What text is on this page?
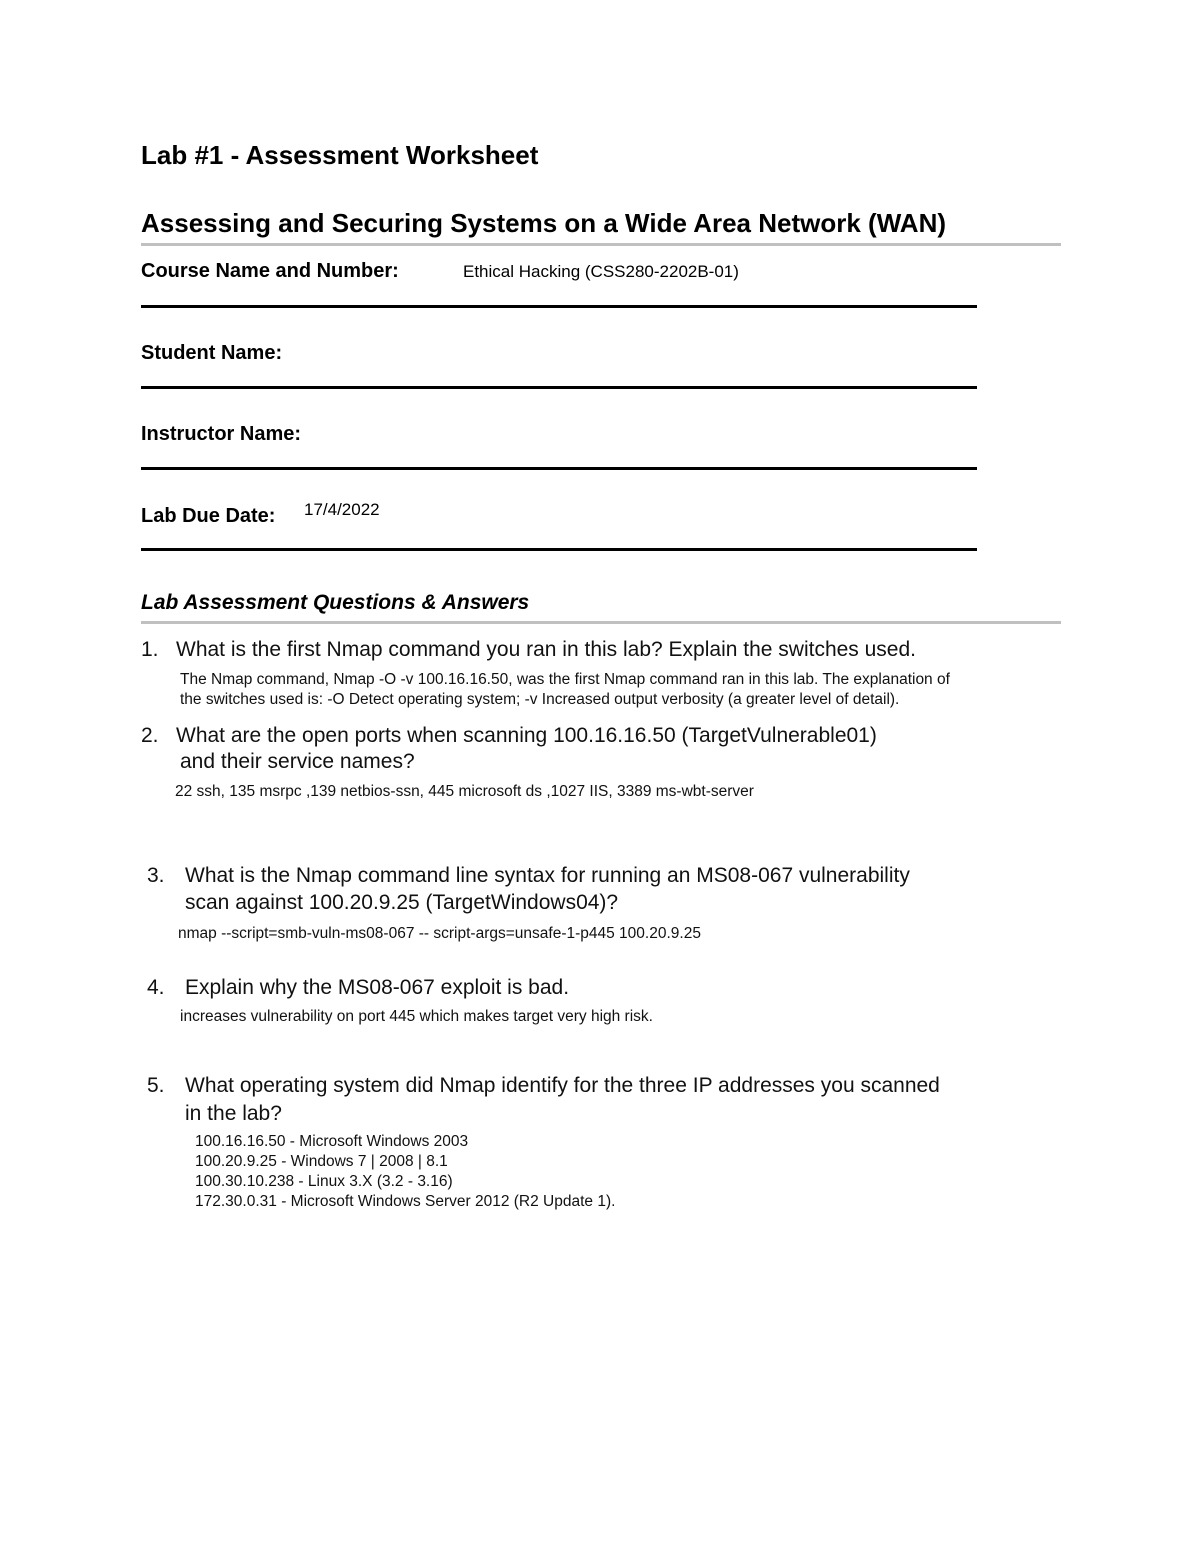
Lab #1 - Assessment Worksheet
Assessing and Securing Systems on a Wide Area Network (WAN)
Course Name and Number:	Ethical Hacking (CSS280-2202B-01)
Student Name:
Instructor Name:
Lab Due Date: 17/4/2022
Lab Assessment Questions & Answers
1. What is the first Nmap command you ran in this lab? Explain the switches used.
The Nmap command, Nmap -O -v 100.16.16.50, was the first Nmap command ran in this lab. The explanation of
the switches used is: -O Detect operating system; -v Increased output verbosity (a greater level of detail).
2. What are the open ports when scanning 100.16.16.50 (TargetVulnerable01)
and their service names?
22 ssh, 135 msrpc ,139 netbios-ssn, 445 microsoft ds ,1027 IIS, 3389 ms-wbt-server
3. What is the Nmap command line syntax for running an MS08-067 vulnerability
scan against 100.20.9.25 (TargetWindows04)?
nmap --script=smb-vuln-ms08-067 -- script-args=unsafe-1-p445 100.20.9.25
4. Explain why the MS08-067 exploit is bad.
increases vulnerability on port 445 which makes target very high risk.
5. What operating system did Nmap identify for the three IP addresses you scanned
in the lab?
100.16.16.50 - Microsoft Windows 2003
100.20.9.25 - Windows 7 | 2008 | 8.1
100.30.10.238 - Linux 3.X (3.2 - 3.16)
172.30.0.31 - Microsoft Windows Server 2012 (R2 Update 1).
